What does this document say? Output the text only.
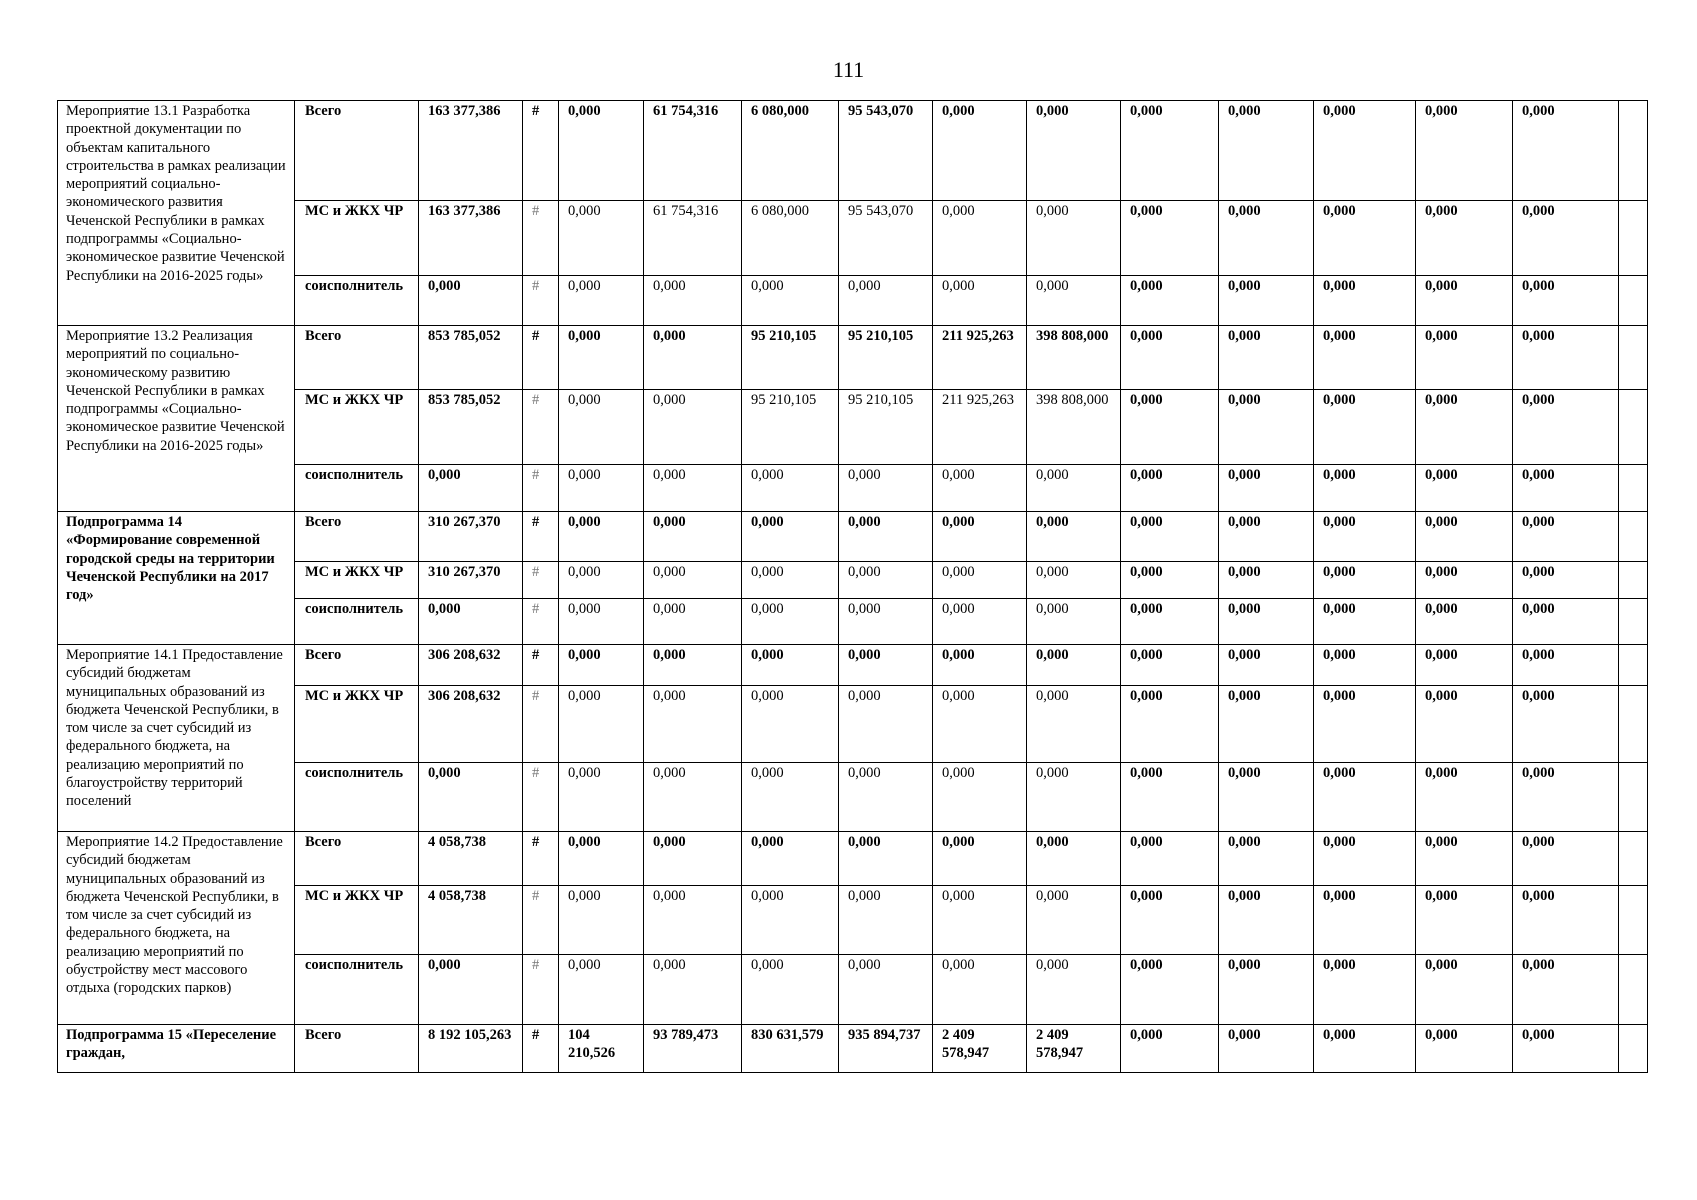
111
Мероприятие 13.1 Разработка проектной документации по объектам капитального строительства в рамках реализации мероприятий социально-экономического развития Чеченской Республики в рамках подпрограммы «Социально-экономическое развитие Чеченской Республики на 2016-2025 годы»	Всего	163 377,386	#	0,000	61 754,316	6 080,000	95 543,070	0,000	0,000	0,000	0,000	0,000	0,000	0,000	
	МС и ЖКХ ЧР	163 377,386	#	0,000	61 754,316	6 080,000	95 543,070	0,000	0,000	0,000	0,000	0,000	0,000	0,000	
	соисполнитель	0,000	#	0,000	0,000	0,000	0,000	0,000	0,000	0,000	0,000	0,000	0,000	0,000	
Мероприятие 13.2 Реализация мероприятий по социально-экономическому развитию Чеченской Республики в рамках подпрограммы «Социально-экономическое развитие Чеченской Республики на 2016-2025 годы»	Всего	853 785,052	#	0,000	0,000	95 210,105	95 210,105	211 925,263	398 808,000	0,000	0,000	0,000	0,000	0,000	
	МС и ЖКХ ЧР	853 785,052	#	0,000	0,000	95 210,105	95 210,105	211 925,263	398 808,000	0,000	0,000	0,000	0,000	0,000	
	соисполнитель	0,000	#	0,000	0,000	0,000	0,000	0,000	0,000	0,000	0,000	0,000	0,000	0,000	
Подпрограмма 14 «Формирование современной городской среды на территории Чеченской Республики на 2017 год»	Всего	310 267,370	#	0,000	0,000	0,000	0,000	0,000	0,000	0,000	0,000	0,000	0,000	0,000	
	МС и ЖКХ ЧР	310 267,370	#	0,000	0,000	0,000	0,000	0,000	0,000	0,000	0,000	0,000	0,000	0,000	
	соисполнитель	0,000	#	0,000	0,000	0,000	0,000	0,000	0,000	0,000	0,000	0,000	0,000	0,000	
Мероприятие 14.1 Предоставление субсидий бюджетам муниципальных образований из бюджета Чеченской Республики, в том числе за счет субсидий из федерального бюджета, на реализацию мероприятий по благоустройству территорий поселений	Всего	306 208,632	#	0,000	0,000	0,000	0,000	0,000	0,000	0,000	0,000	0,000	0,000	0,000	
	МС и ЖКХ ЧР	306 208,632	#	0,000	0,000	0,000	0,000	0,000	0,000	0,000	0,000	0,000	0,000	0,000	
	соисполнитель	0,000	#	0,000	0,000	0,000	0,000	0,000	0,000	0,000	0,000	0,000	0,000	0,000	
Мероприятие 14.2 Предоставление субсидий бюджетам муниципальных образований из бюджета Чеченской Республики, в том числе за счет субсидий из федерального бюджета, на реализацию мероприятий по обустройству мест массового отдыха (городских парков)	Всего	4 058,738	#	0,000	0,000	0,000	0,000	0,000	0,000	0,000	0,000	0,000	0,000	0,000	
	МС и ЖКХ ЧР	4 058,738	#	0,000	0,000	0,000	0,000	0,000	0,000	0,000	0,000	0,000	0,000	0,000	
	соисполнитель	0,000	#	0,000	0,000	0,000	0,000	0,000	0,000	0,000	0,000	0,000	0,000	0,000	
Подпрограмма 15 «Переселение граждан,	Всего	8 192 105,263	#	104 210,526	93 789,473	830 631,579	935 894,737	2 409 578,947	2 409 578,947	0,000	0,000	0,000	0,000	0,000	
